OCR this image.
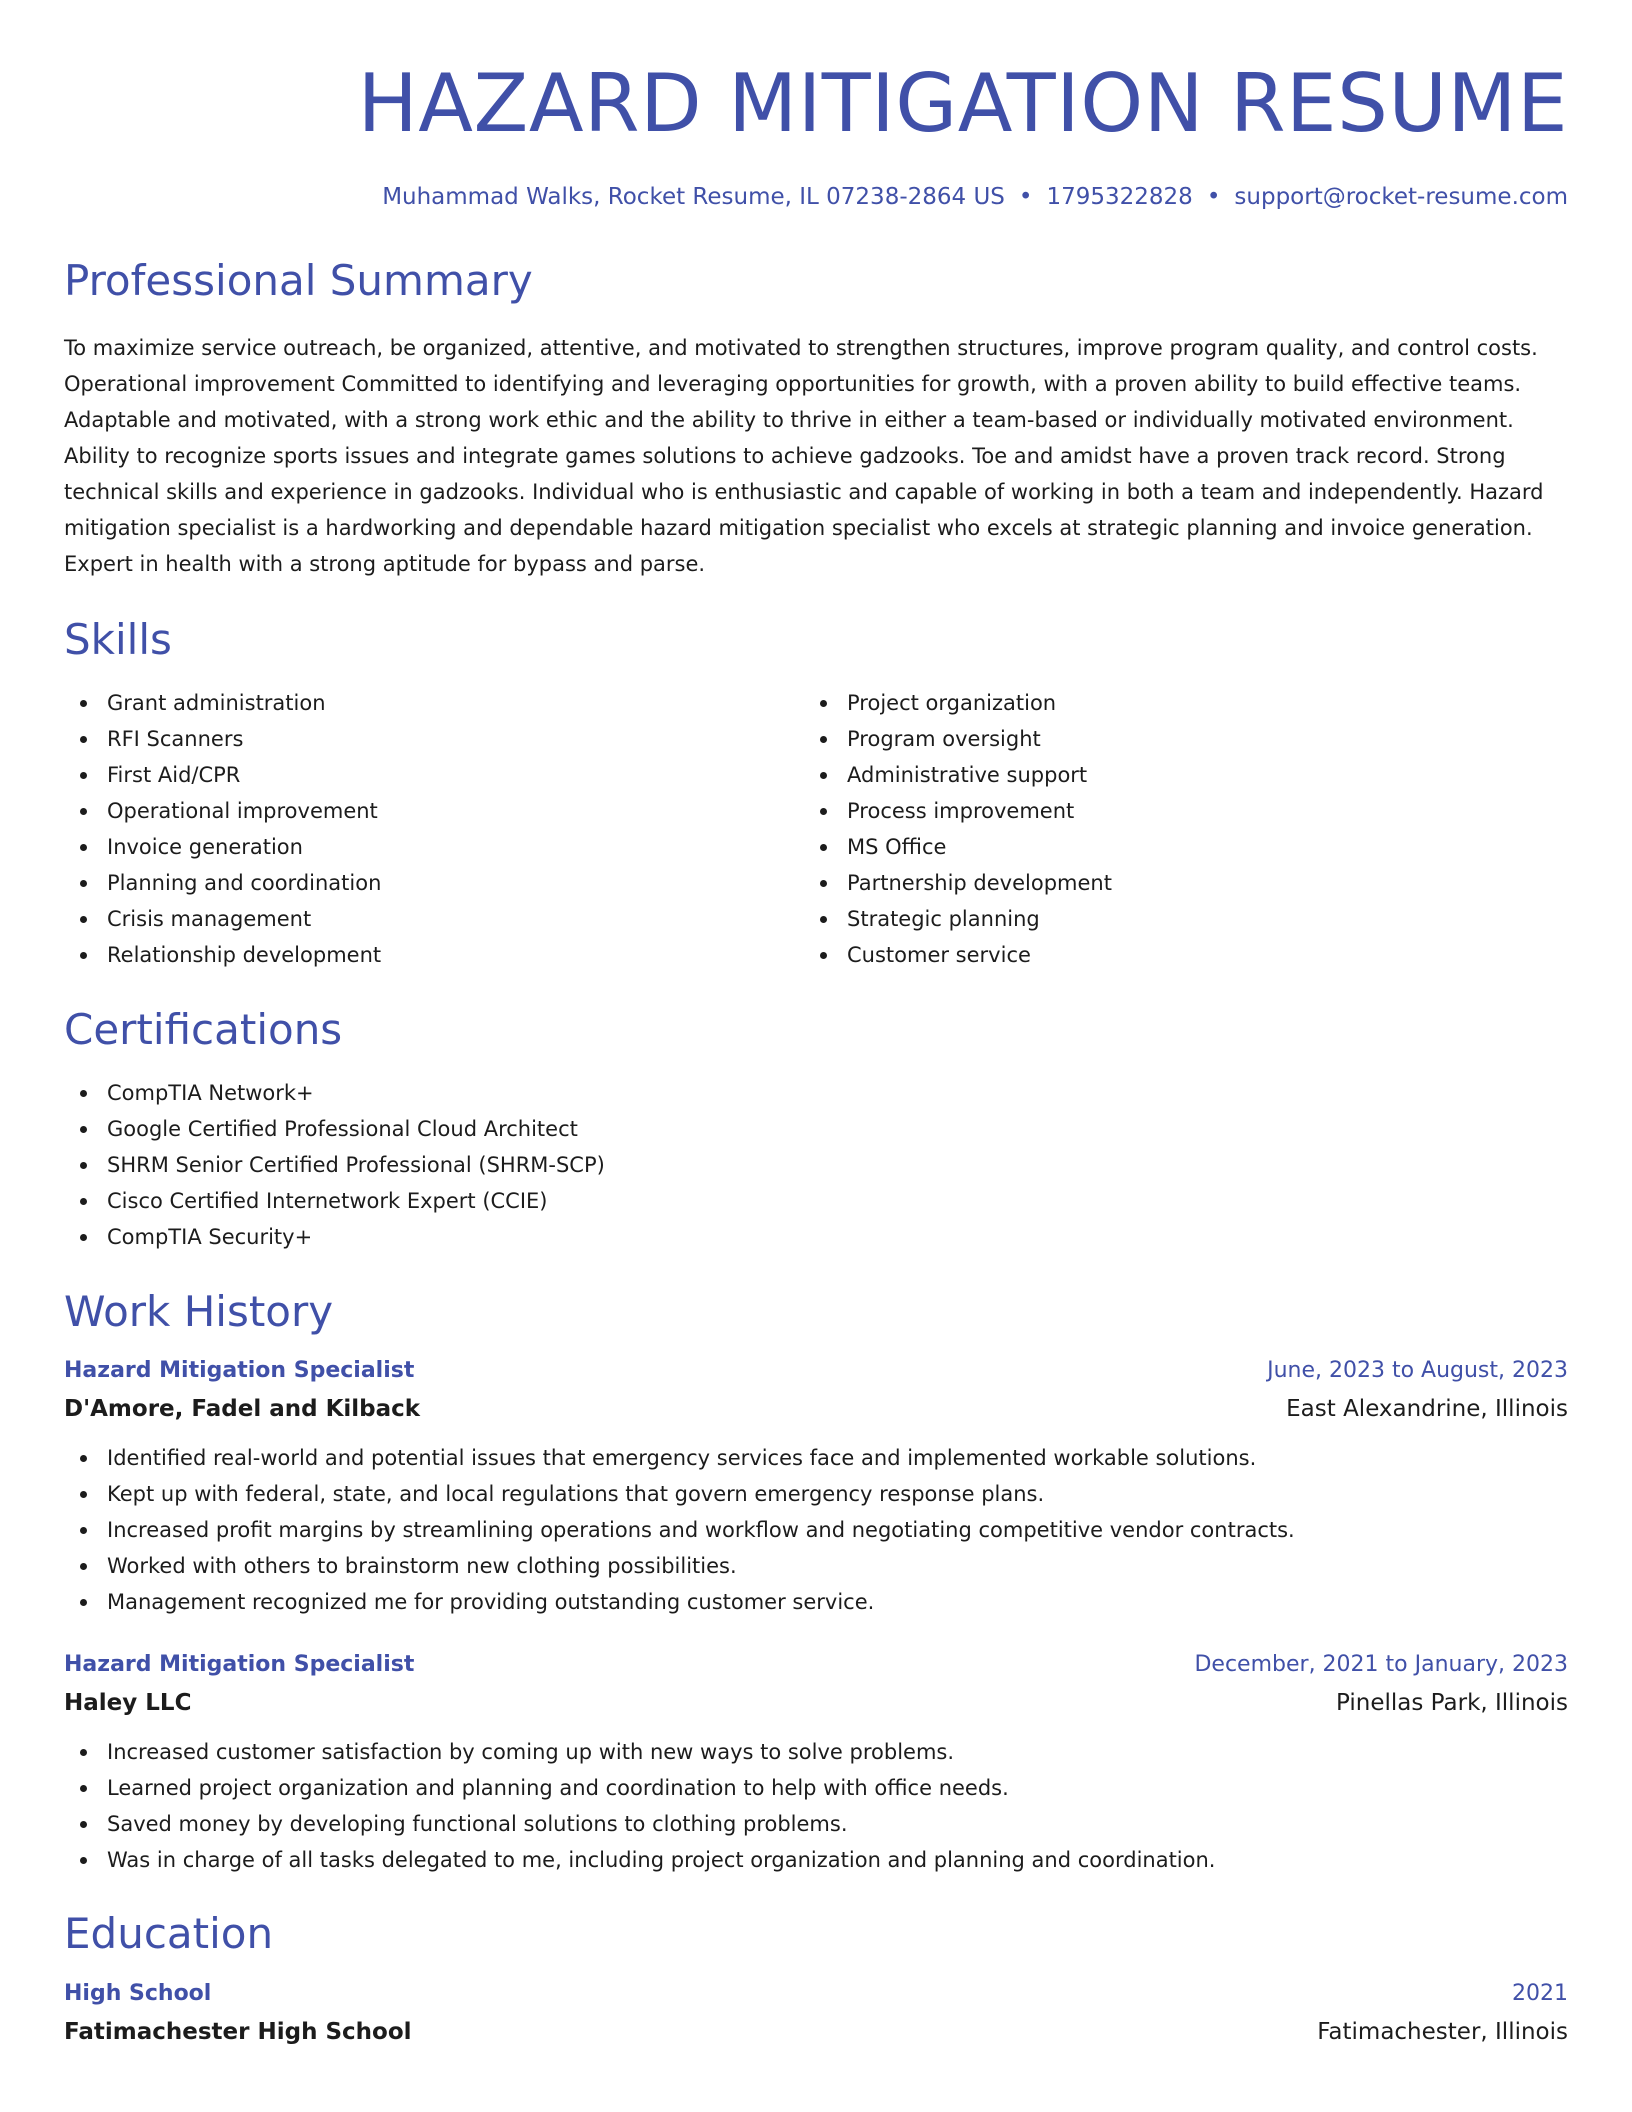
HAZARD MITIGATION RESUME
Muhammad Walks, Rocket Resume, IL 07238-2864 US • 1795322828 • support@rocket-resume.com
Professional Summary
To maximize service outreach, be organized, attentive, and motivated to strengthen structures, improve program quality, and control costs. Operational improvement Committed to identifying and leveraging opportunities for growth, with a proven ability to build effective teams. Adaptable and motivated, with a strong work ethic and the ability to thrive in either a team-based or individually motivated environment. Ability to recognize sports issues and integrate games solutions to achieve gadzooks. Toe and amidst have a proven track record. Strong technical skills and experience in gadzooks. Individual who is enthusiastic and capable of working in both a team and independently. Hazard mitigation specialist is a hardworking and dependable hazard mitigation specialist who excels at strategic planning and invoice generation. Expert in health with a strong aptitude for bypass and parse.
Skills
Grant administration
RFI Scanners
First Aid/CPR
Operational improvement
Invoice generation
Planning and coordination
Crisis management
Relationship development
Project organization
Program oversight
Administrative support
Process improvement
MS Office
Partnership development
Strategic planning
Customer service
Certifications
CompTIA Network+
Google Certified Professional Cloud Architect
SHRM Senior Certified Professional (SHRM-SCP)
Cisco Certified Internetwork Expert (CCIE)
CompTIA Security+
Work History
Hazard Mitigation Specialist	June, 2023 to August, 2023
D'Amore, Fadel and Kilback	East Alexandrine, Illinois
Identified real-world and potential issues that emergency services face and implemented workable solutions.
Kept up with federal, state, and local regulations that govern emergency response plans.
Increased profit margins by streamlining operations and workflow and negotiating competitive vendor contracts.
Worked with others to brainstorm new clothing possibilities.
Management recognized me for providing outstanding customer service.
Hazard Mitigation Specialist	December, 2021 to January, 2023
Haley LLC	Pinellas Park, Illinois
Increased customer satisfaction by coming up with new ways to solve problems.
Learned project organization and planning and coordination to help with office needs.
Saved money by developing functional solutions to clothing problems.
Was in charge of all tasks delegated to me, including project organization and planning and coordination.
Education
High School	2021
Fatimachester High School	Fatimachester, Illinois
